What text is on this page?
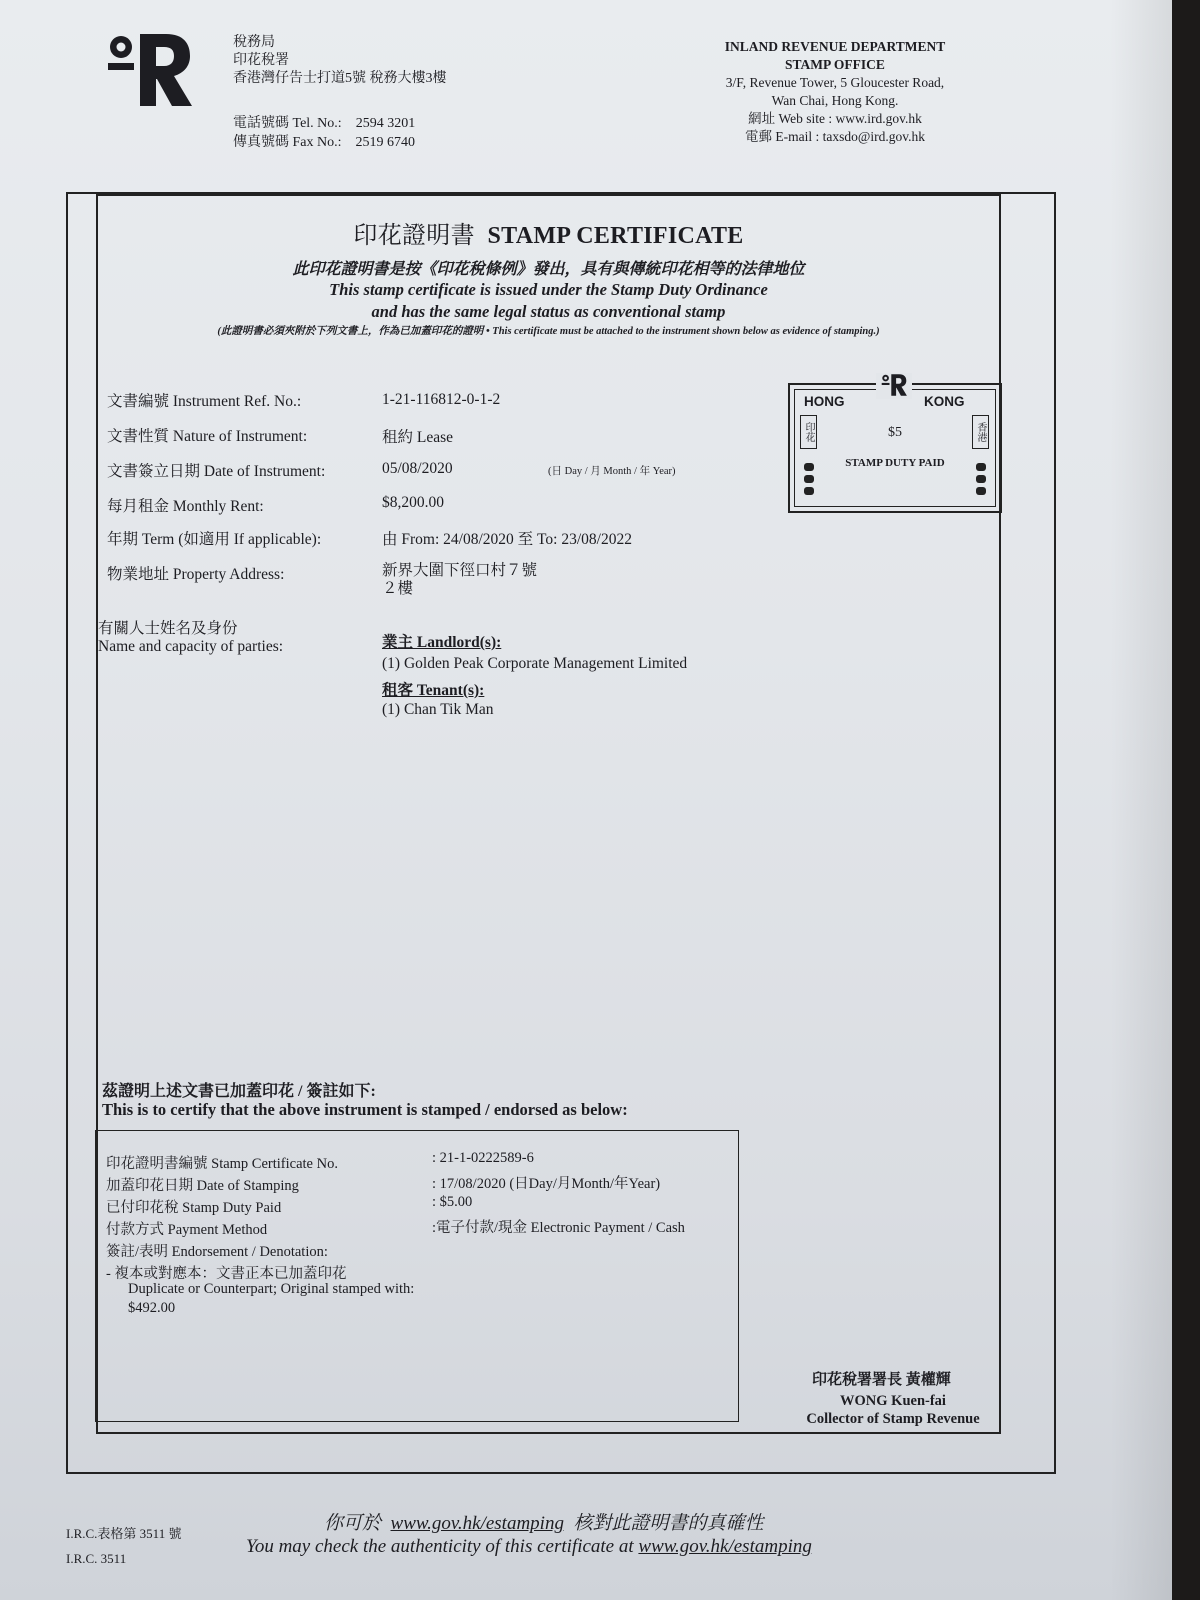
稅務局
印花稅署
香港灣仔告士打道5號 稅務大樓3樓
電話號碼 Tel. No.: 2594 3201
傳真號碼 Fax No.: 2519 6740
INLAND REVENUE DEPARTMENT
STAMP OFFICE
3/F, Revenue Tower, 5 Gloucester Road,
Wan Chai, Hong Kong.
網址 Web site : www.ird.gov.hk
電郵 E-mail : taxsdo@ird.gov.hk
印花證明書 STAMP CERTIFICATE
此印花證明書是按《印花稅條例》發出，具有與傳統印花相等的法律地位
This stamp certificate is issued under the Stamp Duty Ordinance
and has the same legal status as conventional stamp
(此證明書必須夾附於下列文書上，作為已加蓋印花的證明 • This certificate must be attached to the instrument shown below as evidence of stamping.)
文書編號 Instrument Ref. No.:	1-21-116812-0-1-2
文書性質 Nature of Instrument:	租約 Lease
文書簽立日期 Date of Instrument:	05/08/2020	(日 Day / 月 Month / 年 Year)
每月租金 Monthly Rent:	$8,200.00
年期 Term (如適用 If applicable):	由 From: 24/08/2020 至 To: 23/08/2022
物業地址 Property Address:	新界大圍下徑口村７號
２樓
有關人士姓名及身份
Name and capacity of parties:	業主 Landlord(s):
(1) Golden Peak Corporate Management Limited
租客 Tenant(s):
(1) Chan Tik Man
HONG	KONG
印花	香港
$5
STAMP DUTY PAID
茲證明上述文書已加蓋印花 / 簽註如下:
This is to certify that the above instrument is stamped / endorsed as below:
印花證明書編號 Stamp Certificate No.	: 21-1-0222589-6
加蓋印花日期 Date of Stamping	: 17/08/2020 (日Day/月Month/年Year)
已付印花稅 Stamp Duty Paid	: $5.00
付款方式 Payment Method	:電子付款/現金 Electronic Payment / Cash
簽註/表明 Endorsement / Denotation:
- 複本或對應本：文書正本已加蓋印花
Duplicate or Counterpart; Original stamped with:
$492.00
印花稅署署長 黃權輝
WONG Kuen-fai
Collector of Stamp Revenue
I.R.C.表格第 3511 號
I.R.C. 3511
你可於 www.gov.hk/estamping 核對此證明書的真確性
You may check the authenticity of this certificate at www.gov.hk/estamping
